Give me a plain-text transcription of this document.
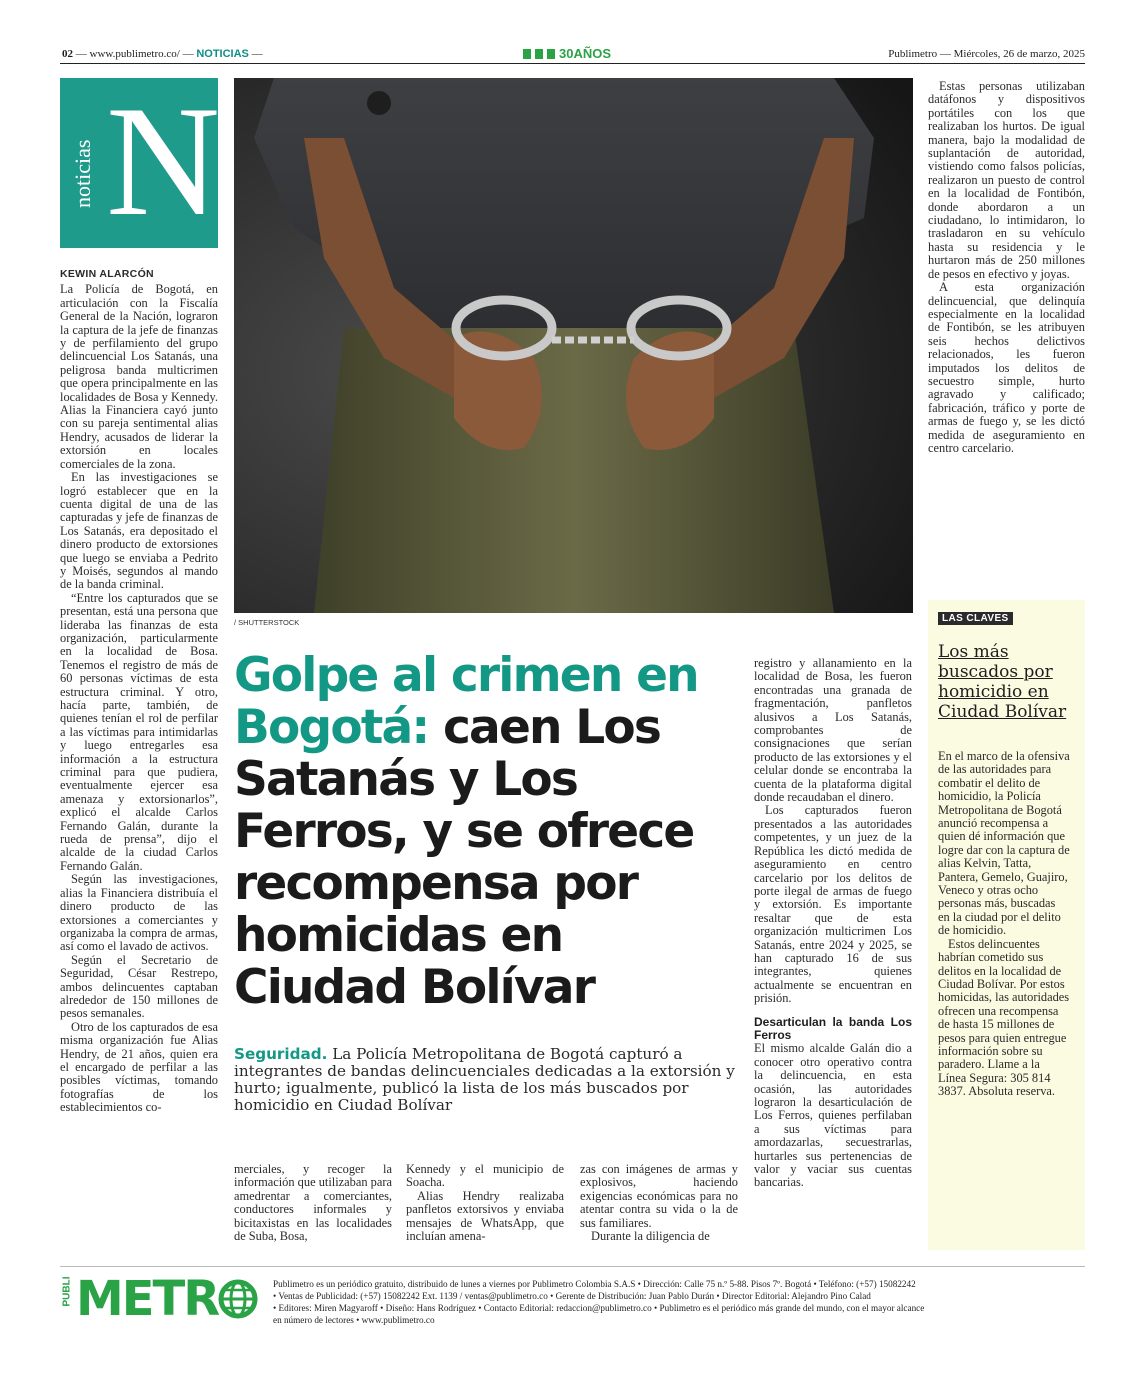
02 — www.publimetro.co/ — NOTICIAS —	30AÑOS	Publimetro — Miércoles, 26 de marzo, 2025
noticias N
KEWIN ALARCÓN

La Policía de Bogotá, en articulación con la Fiscalía General de la Nación, lograron la captura de la jefe de finanzas y de perfilamiento del grupo delincuencial Los Satanás, una peligrosa banda multicrimen que opera principalmente en las localidades de Bosa y Kennedy. Alias la Financiera cayó junto con su pareja sentimental alias Hendry, acusados de liderar la extorsión en locales comerciales de la zona.

En las investigaciones se logró establecer que en la cuenta digital de una de las capturadas y jefe de finanzas de Los Satanás, era depositado el dinero producto de extorsiones que luego se enviaba a Pedrito y Moisés, segundos al mando de la banda criminal.

“Entre los capturados que se presentan, está una persona que lideraba las finanzas de esta organización, particularmente en la localidad de Bosa. Tenemos el registro de más de 60 personas víctimas de esta estructura criminal. Y otro, hacía parte, también, de quienes tenían el rol de perfilar a las víctimas para intimidarlas y luego entregarles esa información a la estructura criminal para que pudiera, eventualmente ejercer esa amenaza y extorsionarlos”, explicó el alcalde Carlos Fernando Galán, durante la rueda de prensa”, dijo el alcalde de la ciudad Carlos Fernando Galán.

Según las investigaciones, alias la Financiera distribuía el dinero producto de las extorsiones a comerciantes y organizaba la compra de armas, así como el lavado de activos.

Según el Secretario de Seguridad, César Restrepo, ambos delincuentes captaban alrededor de 150 millones de pesos semanales.

Otro de los capturados de esa misma organización fue Alias Hendry, de 21 años, quien era el encargado de perfilar a las posibles víctimas, tomando fotografías de los establecimientos co-

/ SHUTTERSTOCK
Golpe al crimen en Bogotá: caen Los Satanás y Los Ferros, y se ofrece recompensa por homicidas en Ciudad Bolívar
Seguridad. La Policía Metropolitana de Bogotá capturó a integrantes de bandas delincuenciales dedicadas a la extorsión y hurto; igualmente, publicó la lista de los más buscados por homicidio en Ciudad Bolívar

merciales, y recoger la información que utilizaban para amedrentar a comerciantes, conductores informales y bicitaxistas en las localidades de Suba, Bosa,

Kennedy y el municipio de Soacha.

Alias Hendry realizaba panfletos extorsivos y enviaba mensajes de WhatsApp, que incluían amena-

zas con imágenes de armas y explosivos, haciendo exigencias económicas para no atentar contra su vida o la de sus familiares.

Durante la diligencia de

registro y allanamiento en la localidad de Bosa, les fueron encontradas una granada de fragmentación, panfletos alusivos a Los Satanás, comprobantes de consignaciones que serían producto de las extorsiones y el celular donde se encontraba la cuenta de la plataforma digital donde recaudaban el dinero.

Los capturados fueron presentados a las autoridades competentes, y un juez de la República les dictó medida de aseguramiento en centro carcelario por los delitos de porte ilegal de armas de fuego y extorsión. Es importante resaltar que de esta organización multicrimen Los Satanás, entre 2024 y 2025, se han capturado 16 de sus integrantes, quienes actualmente se encuentran en prisión.

Desarticulan la banda Los Ferros

El mismo alcalde Galán dio a conocer otro operativo contra la delincuencia, en esta ocasión, las autoridades lograron la desarticulación de Los Ferros, quienes perfilaban a sus víctimas para amordazarlas, secuestrarlas, hurtarles sus pertenencias de valor y vaciar sus cuentas bancarias.

Estas personas utilizaban datáfonos y dispositivos portátiles con los que realizaban los hurtos. De igual manera, bajo la modalidad de suplantación de autoridad, vistiendo como falsos policías, realizaron un puesto de control en la localidad de Fontibón, donde abordaron a un ciudadano, lo intimidaron, lo trasladaron en su vehículo hasta su residencia y le hurtaron más de 250 millones de pesos en efectivo y joyas.

A esta organización delincuencial, que delinquía especialmente en la localidad de Fontibón, se les atribuyen seis hechos delictivos relacionados, les fueron imputados los delitos de secuestro simple, hurto agravado y calificado; fabricación, tráfico y porte de armas de fuego y, se les dictó medida de aseguramiento en centro carcelario.

LAS CLAVES
Los más buscados por homicidio en Ciudad Bolívar

En el marco de la ofensiva de las autoridades para combatir el delito de homicidio, la Policía Metropolitana de Bogotá anunció recompensa a quien dé información que logre dar con la captura de alias Kelvin, Tatta, Pantera, Gemelo, Guajiro, Veneco y otras ocho personas más, buscadas en la ciudad por el delito de homicidio.

Estos delincuentes habrían cometido sus delitos en la localidad de Ciudad Bolívar. Por estos homicidas, las autoridades ofrecen una recompensa de hasta 15 millones de pesos para quien entregue información sobre su paradero. Llame a la Línea Segura: 305 814 3837. Absoluta reserva.

PUBLI METR	Publimetro es un periódico gratuito, distribuido de lunes a viernes por Publimetro Colombia S.A.S • Dirección: Calle 75 n.º 5-88. Pisos 7º. Bogotá • Teléfono: (+57) 15082242
• Ventas de Publicidad: (+57) 15082242 Ext. 1139 / ventas@publimetro.co • Gerente de Distribución: Juan Pablo Durán • Director Editorial: Alejandro Pino Calad
• Editores: Miren Magyaroff • Diseño: Hans Rodríguez • Contacto Editorial: redaccion@publimetro.co • Publimetro es el periódico más grande del mundo, con el mayor alcance
en número de lectores • www.publimetro.co
